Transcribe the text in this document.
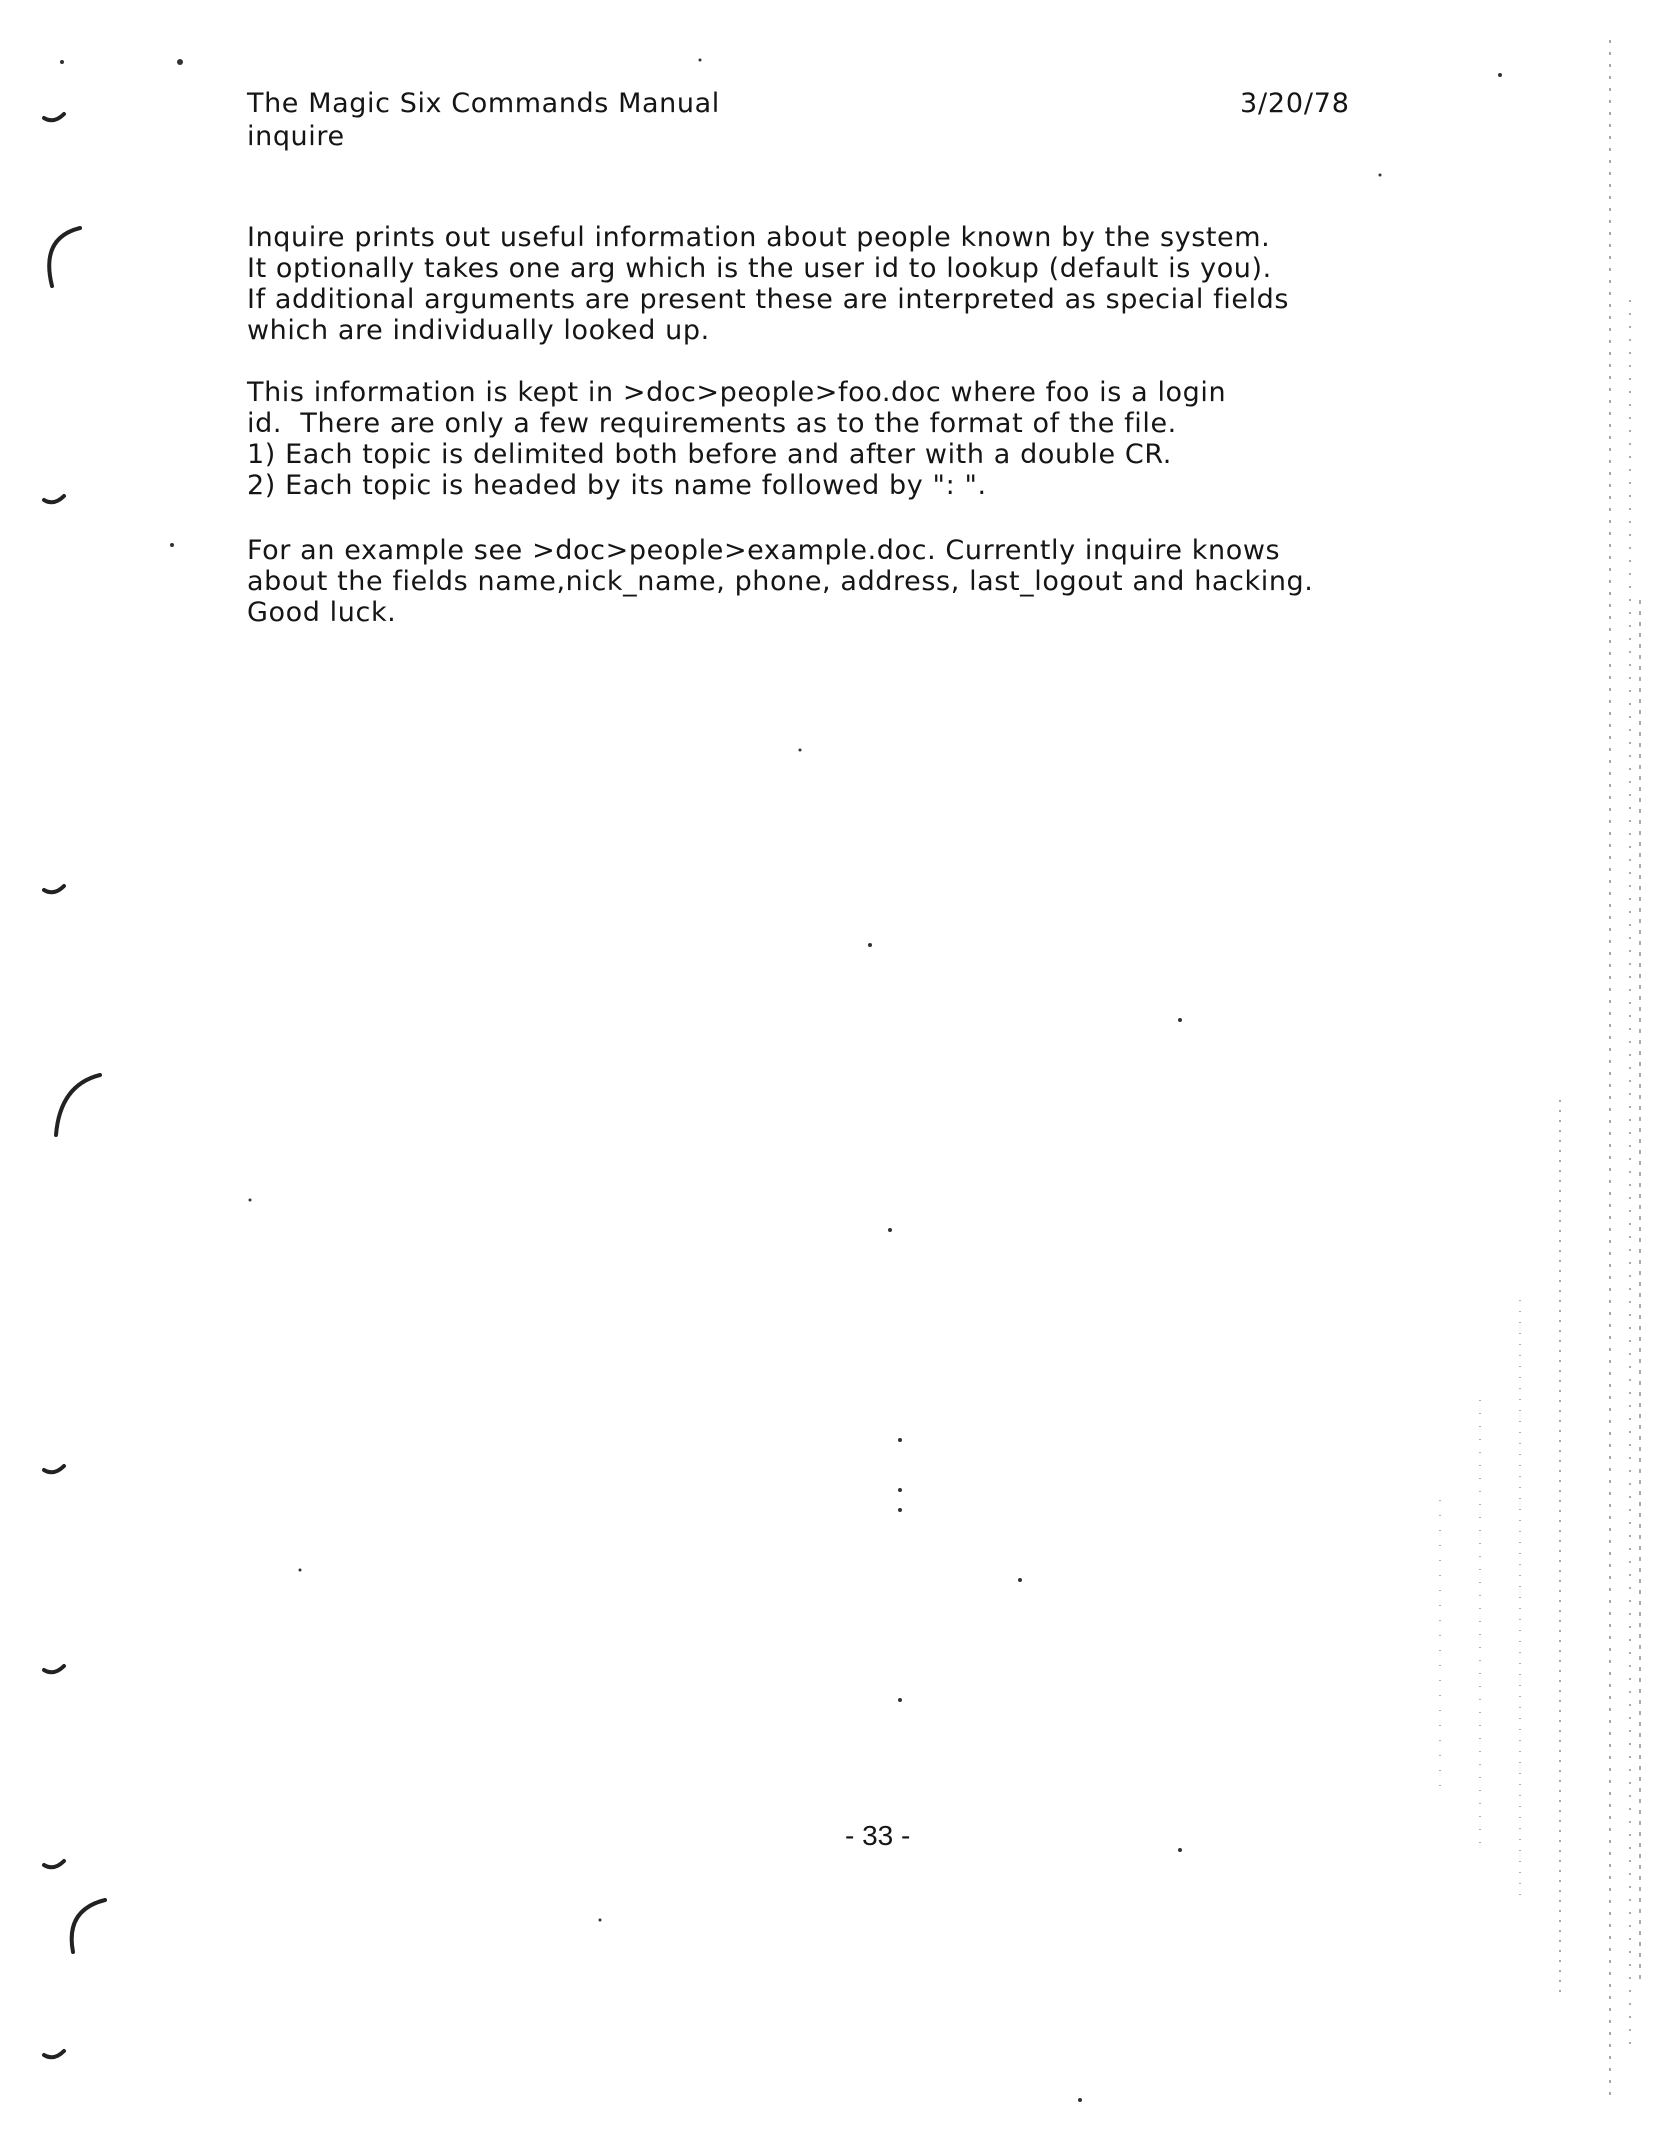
The Magic Six Commands Manual
inquire
3/20/78
Inquire prints out useful information about people known by the system.
It optionally takes one arg which is the user id to lookup (default is you).
If additional arguments are present these are interpreted as special fields
which are individually looked up.
This information is kept in >doc>people>foo.doc where foo is a login
id.  There are only a few requirements as to the format of the file.
1) Each topic is delimited both before and after with a double CR.
2) Each topic is headed by its name followed by ": ".
For an example see >doc>people>example.doc. Currently inquire knows
about the fields name,nick_name, phone, address, last_logout and hacking.
Good luck.
- 33 -
